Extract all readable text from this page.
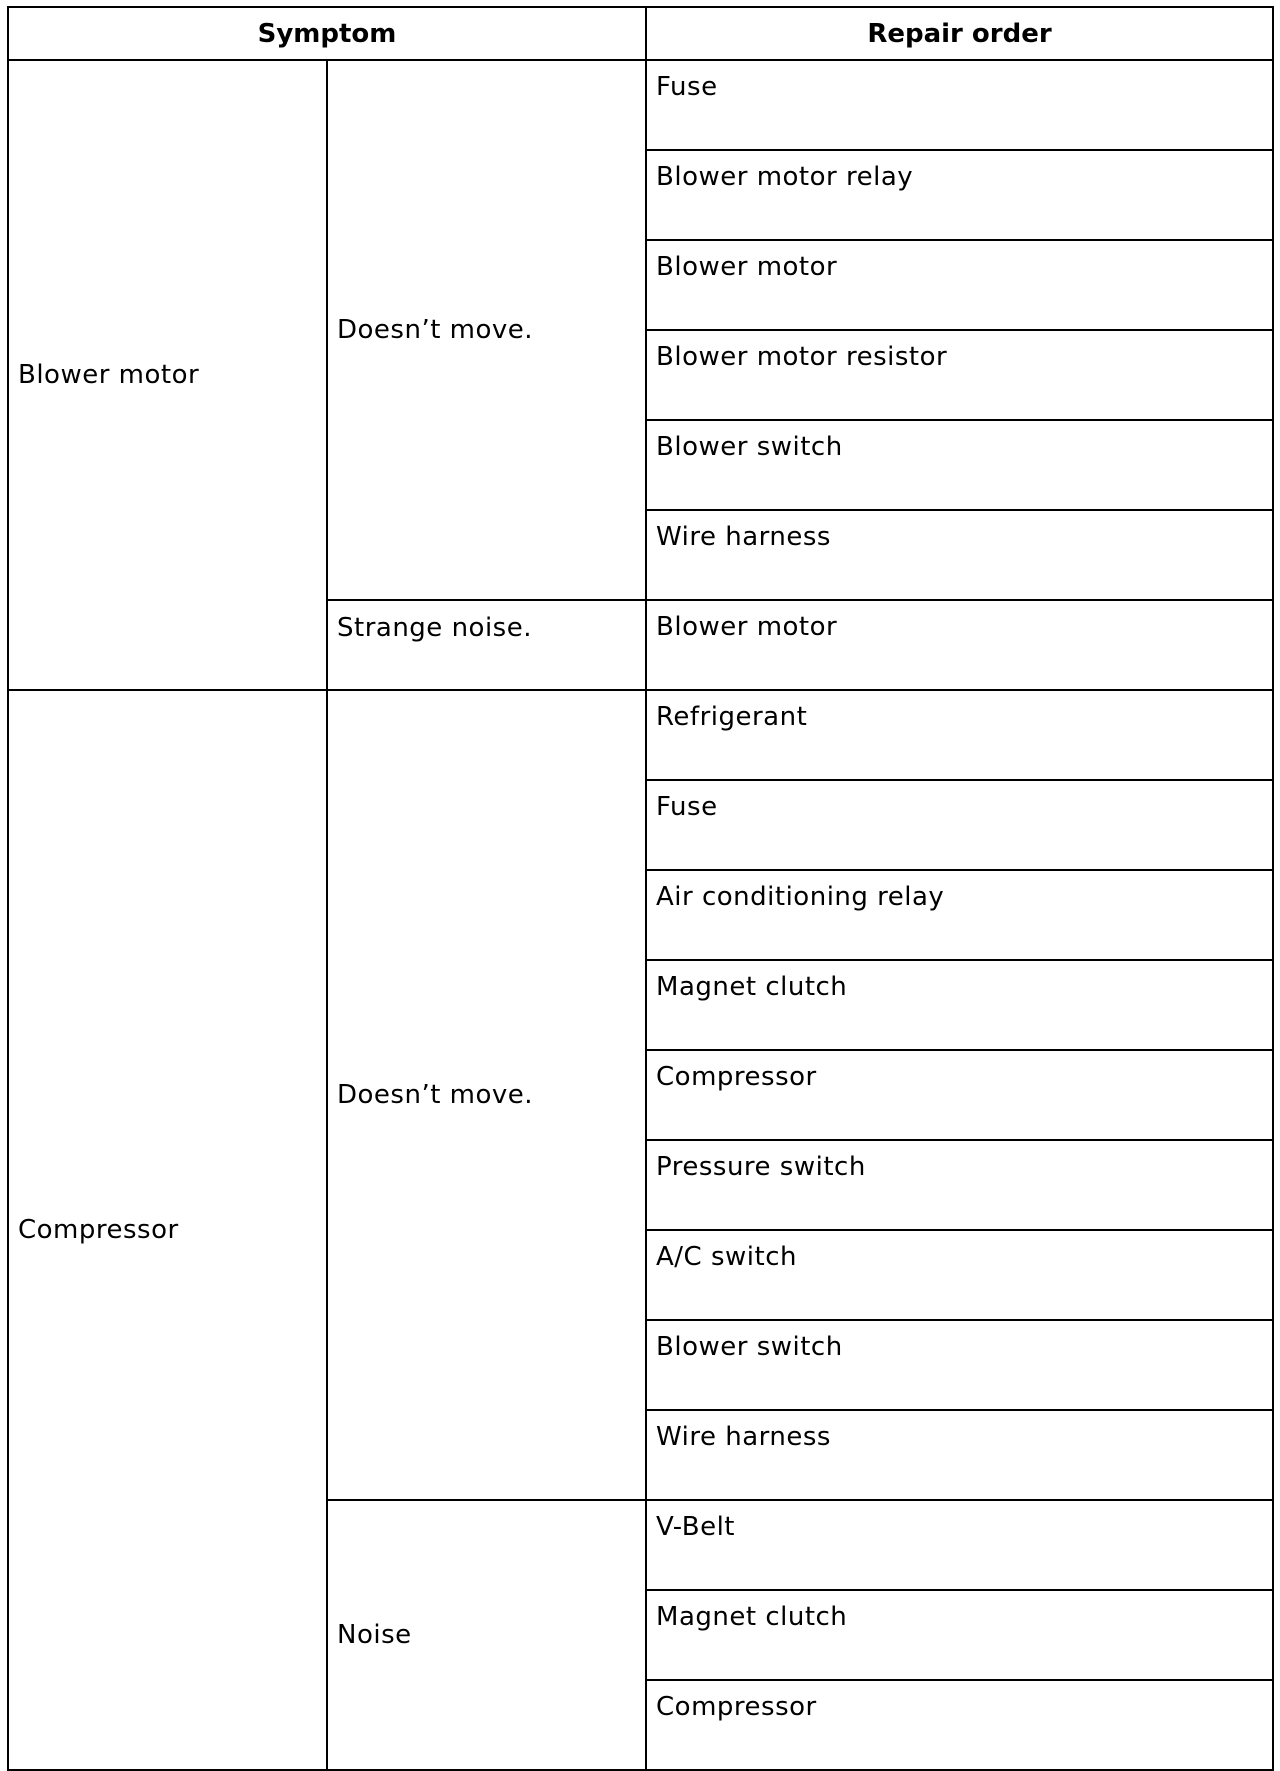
Symptom		Repair order
Blower motor	Doesn’t move.	Fuse

		Blower motor relay

		Blower motor

		Blower motor resistor

		Blower switch

		Wire harness

	Strange noise.	Blower motor

Compressor	Doesn’t move.	Refrigerant

		Fuse

		Air conditioning relay

		Magnet clutch

		Compressor

		Pressure switch

		A/C switch

		Blower switch

		Wire harness

	Noise	V-Belt

		Magnet clutch

		Compressor
